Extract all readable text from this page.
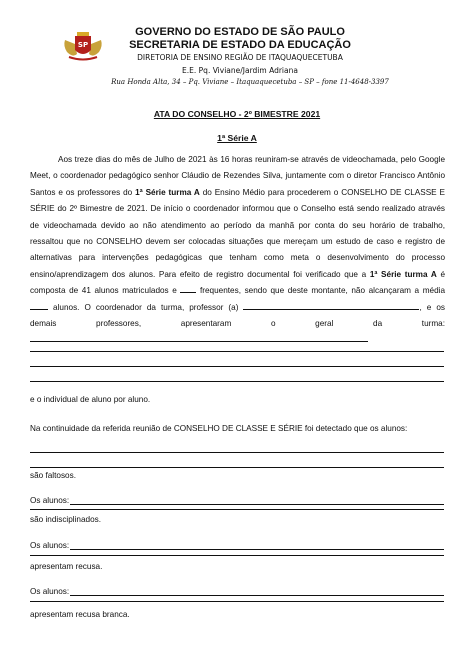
SP
GOVERNO DO ESTADO DE SÃO PAULO
SECRETARIA DE ESTADO DA EDUCAÇÃO
DIRETORIA DE ENSINO REGIÃO DE ITAQUAQUECETUBA
E.E. Pq. Viviane/Jardim Adriana
Rua Honda Alta, 34 – Pq. Viviane – Itaquaquecetuba – SP – fone 11-4648-3397
ATA DO CONSELHO - 2º BIMESTRE 2021
1ª Série A
Aos treze dias do mês de Julho de 2021 às 16 horas reuniram-se através de videochamada, pelo Google Meet, o coordenador pedagógico senhor Cláudio de Rezendes Silva, juntamente com o diretor Francisco Antônio Santos e os professores do 1ª Série turma A do Ensino Médio para procederem o CONSELHO DE CLASSE E SÉRIE do 2º Bimestre de 2021. De início o coordenador informou que o Conselho está sendo realizado através de videochamada devido ao não atendimento ao período da manhã por conta do seu horário de trabalho, ressaltou que no CONSELHO devem ser colocadas situações que mereçam um estudo de caso e registro de alternativas para intervenções pedagógicas que tenham como meta o desenvolvimento do processo ensino/aprendizagem dos alunos. Para efeito de registro documental foi verificado que a 1ª Série turma A é composta de 41 alunos matriculados e  frequentes, sendo que deste montante, não alcançaram a média  alunos. O coordenador da turma, professor (a)	, e os demais professores, apresentaram o geral da turma:
e o individual de aluno por aluno.
Na continuidade da referida reunião de CONSELHO DE CLASSE E SÉRIE foi detectado que os alunos:
são faltosos.
Os alunos:
são indisciplinados.
Os alunos:
apresentam recusa.
Os alunos:
apresentam recusa branca.
